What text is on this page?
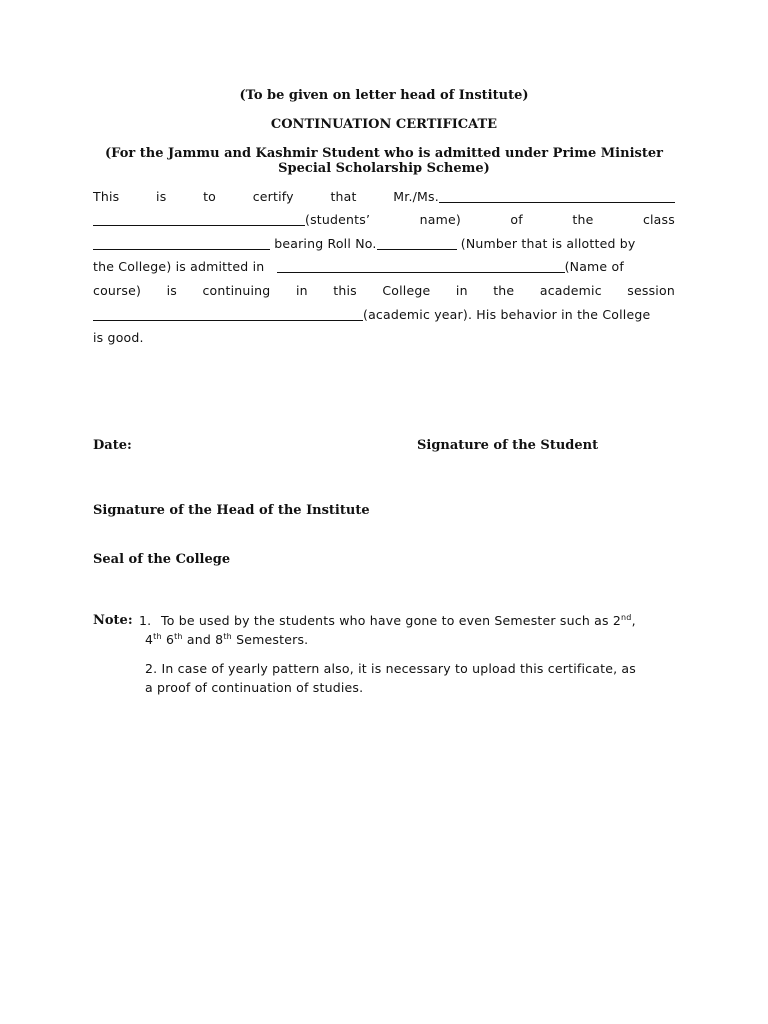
(To be given on letter head of Institute)
CONTINUATION CERTIFICATE
(For the Jammu and Kashmir Student who is admitted under Prime Minister
Special Scholarship Scheme)
This	is	to	certify	that	Mr./Ms.
(students’	name)	of	the	class
bearing Roll No.	(Number that is allotted by
the College) is admitted in	(Name of
course) is continuing in this College in the academic session
(academic year). His behavior in the College
is good.
Date:	Signature of the Student
Signature of the Head of the Institute
Seal of the College
Note: 1. To be used by the students who have gone to even Semester such as 2nd,
4th 6th and 8th Semesters.
2. In case of yearly pattern also, it is necessary to upload this certificate, as
a proof of continuation of studies.
